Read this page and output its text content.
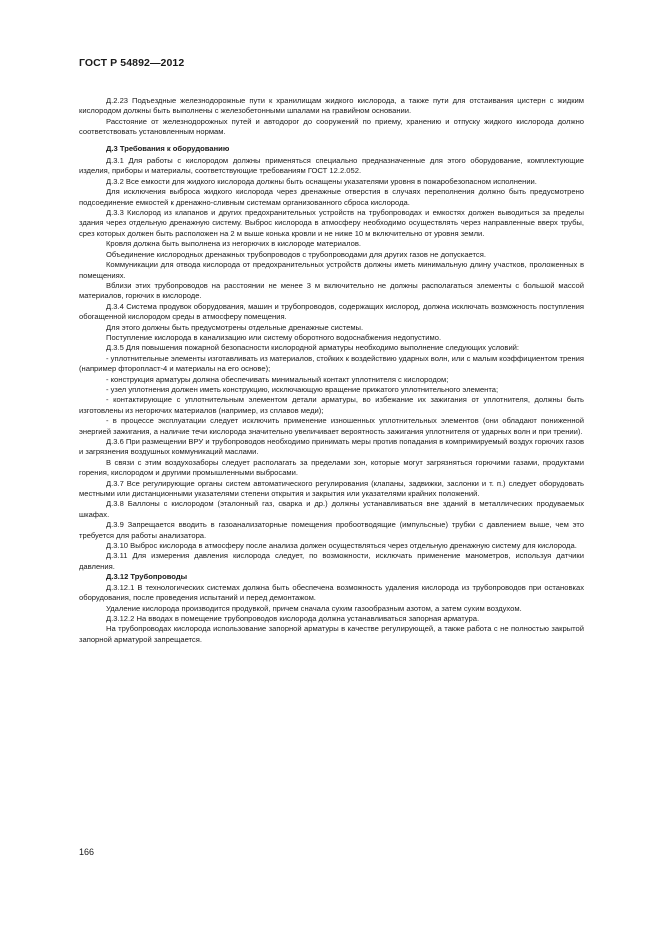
ГОСТ Р 54892—2012

Д.2.23 Подъездные железнодорожные пути к хранилищам жидкого кислорода, а также пути для отстаивания цистерн с жидким кислородом должны быть выполнены с железобетонными шпалами на гравийном основании.

Расстояние от железнодорожных путей и автодорог до сооружений по приему, хранению и отпуску жидкого кислорода должно соответствовать установленным нормам.

Д.3 Требования к оборудованию

Д.3.1 Для работы с кислородом должны применяться специально предназначенные для этого оборудование, комплектующие изделия, приборы и материалы, соответствующие требованиям ГОСТ 12.2.052.

Д.3.2 Все емкости для жидкого кислорода должны быть оснащены указателями уровня в пожаробезопасном исполнении.

Для исключения выброса жидкого кислорода через дренажные отверстия в случаях переполнения должно быть предусмотрено подсоединение емкостей к дренажно-сливным системам организованного сброса кислорода.

Д.3.3 Кислород из клапанов и других предохранительных устройств на трубопроводах и емкостях должен выводиться за пределы здания через отдельную дренажную систему. Выброс кислорода в атмосферу необходимо осуществлять через направленные вверх трубы, срез которых должен быть расположен на 2 м выше конька кровли и не ниже 10 м включительно от уровня земли.

Кровля должна быть выполнена из негорючих в кислороде материалов.

Объединение кислородных дренажных трубопроводов с трубопроводами для других газов не допускается.

Коммуникации для отвода кислорода от предохранительных устройств должны иметь минимальную длину участков, проложенных в помещениях.

Вблизи этих трубопроводов на расстоянии не менее 3 м включительно не должны располагаться элементы с большой массой материалов, горючих в кислороде.

Д.3.4 Система продувок оборудования, машин и трубопроводов, содержащих кислород, должна исключать возможность поступления обогащенной кислородом среды в атмосферу помещения.

Для этого должны быть предусмотрены отдельные дренажные системы.

Поступление кислорода в канализацию или систему оборотного водоснабжения недопустимо.

Д.3.5 Для повышения пожарной безопасности кислородной арматуры необходимо выполнение следующих условий:

- уплотнительные элементы изготавливать из материалов, стойких к воздействию ударных волн, или с малым коэффициентом трения (например фторопласт-4 и материалы на его основе);

- конструкция арматуры должна обеспечивать минимальный контакт уплотнителя с кислородом;

- узел уплотнения должен иметь конструкцию, исключающую вращение прижатого уплотнительного элемента;

- контактирующие с уплотнительным элементом детали арматуры, во избежание их зажигания от уплотнителя, должны быть изготовлены из негорючих материалов (например, из сплавов меди);

- в процессе эксплуатации следует исключить применение изношенных уплотнительных элементов (они обладают пониженной энергией зажигания, а наличие течи кислорода значительно увеличивает вероятность зажигания уплотнителя от ударных волн и при трении).

Д.3.6 При размещении ВРУ и трубопроводов необходимо принимать меры против попадания в компримируемый воздух горючих газов и загрязнения воздушных коммуникаций маслами.

В связи с этим воздухозаборы следует располагать за пределами зон, которые могут загрязняться горючими газами, продуктами горения, кислородом и другими промышленными выбросами.

Д.3.7 Все регулирующие органы систем автоматического регулирования (клапаны, задвижки, заслонки и т. п.) следует оборудовать местными или дистанционными указателями степени открытия и закрытия или указателями крайних положений.

Д.3.8 Баллоны с кислородом (эталонный газ, сварка и др.) должны устанавливаться вне зданий в металлических продуваемых шкафах.

Д.3.9 Запрещается вводить в газоанализаторные помещения пробоотводящие (импульсные) трубки с давлением выше, чем это требуется для работы анализатора.

Д.3.10 Выброс кислорода в атмосферу после анализа должен осуществляться через отдельную дренажную систему для кислорода.

Д.3.11 Для измерения давления кислорода следует, по возможности, исключать применение манометров, используя датчики давления.

Д.3.12 Трубопроводы

Д.3.12.1 В технологических системах должна быть обеспечена возможность удаления кислорода из трубопроводов при остановках оборудования, после проведения испытаний и перед демонтажом.

Удаление кислорода производится продувкой, причем сначала сухим газообразным азотом, а затем сухим воздухом.

Д.3.12.2 На вводах в помещение трубопроводов кислорода должна устанавливаться запорная арматура.

На трубопроводах кислорода использование запорной арматуры в качестве регулирующей, а также работа с не полностью закрытой запорной арматурой запрещается.

166
